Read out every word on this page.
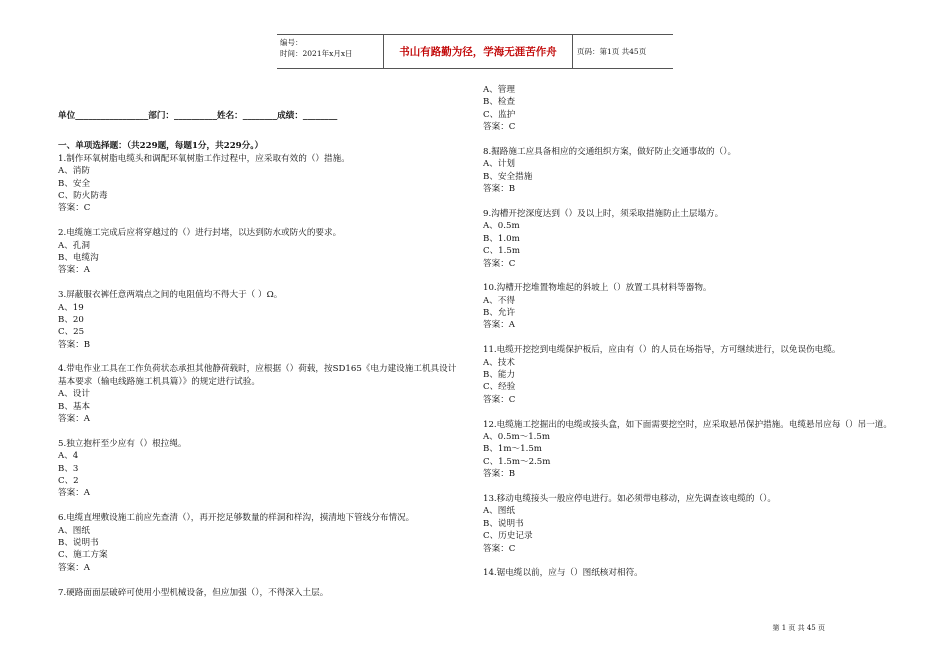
编号：
时间：2021年x月x日	书山有路勤为径，学海无涯苦作舟	页码：第1页 共45页
单位_________________部门：__________姓名：________成绩：________
一、单项选择题：（共229题，每题1分，共229分。）
1.制作环氧树脂电缆头和调配环氧树脂工作过程中，应采取有效的（）措施。
A、消防
B、安全
C、防火防毒
答案：C
2.电缆施工完成后应将穿越过的（）进行封堵，以达到防水或防火的要求。
A、孔洞
B、电缆沟
答案：A
3.屏蔽服衣裤任意两端点之间的电阻值均不得大于（ ）Ω。
A、19
B、20
C、25
答案：B
4.带电作业工具在工作负荷状态承担其他静荷载时，应根据（）荷载，按SD165《电力建设施工机具设计基本要求（输电线路施工机具篇）》的规定进行试验。
A、设计
B、基本
答案：A
5.独立抱杆至少应有（）根拉绳。
A、4
B、3
C、2
答案：A
6.电缆直埋敷设施工前应先查清（），再开挖足够数量的样洞和样沟，摸清地下管线分布情况。
A、图纸
B、说明书
C、施工方案
答案：A
7.硬路面面层破碎可使用小型机械设备，但应加强（），不得深入土层。
A、管理
B、检查
C、监护
答案：C
8.掘路施工应具备相应的交通组织方案，做好防止交通事故的（）。
A、计划
B、安全措施
答案：B
9.沟槽开挖深度达到（）及以上时，须采取措施防止土层塌方。
A、0.5m
B、1.0m
C、1.5m
答案：C
10.沟槽开挖堆置物堆起的斜坡上（）放置工具材料等器物。
A、不得
B、允许
答案：A
11.电缆开挖挖到电缆保护板后，应由有（）的人员在场指导，方可继续进行，以免误伤电缆。
A、技术
B、能力
C、经验
答案：C
12.电缆施工挖掘出的电缆或接头盒，如下面需要挖空时，应采取悬吊保护措施。电缆悬吊应每（）吊一道。
A、0.5m～1.5m
B、1m～1.5m
C、1.5m～2.5m
答案：B
13.移动电缆接头一般应停电进行。如必须带电移动，应先调查该电缆的（）。
A、图纸
B、说明书
C、历史记录
答案：C
14.锯电缆以前，应与（）图纸核对相符。
第 1 页 共 45 页
